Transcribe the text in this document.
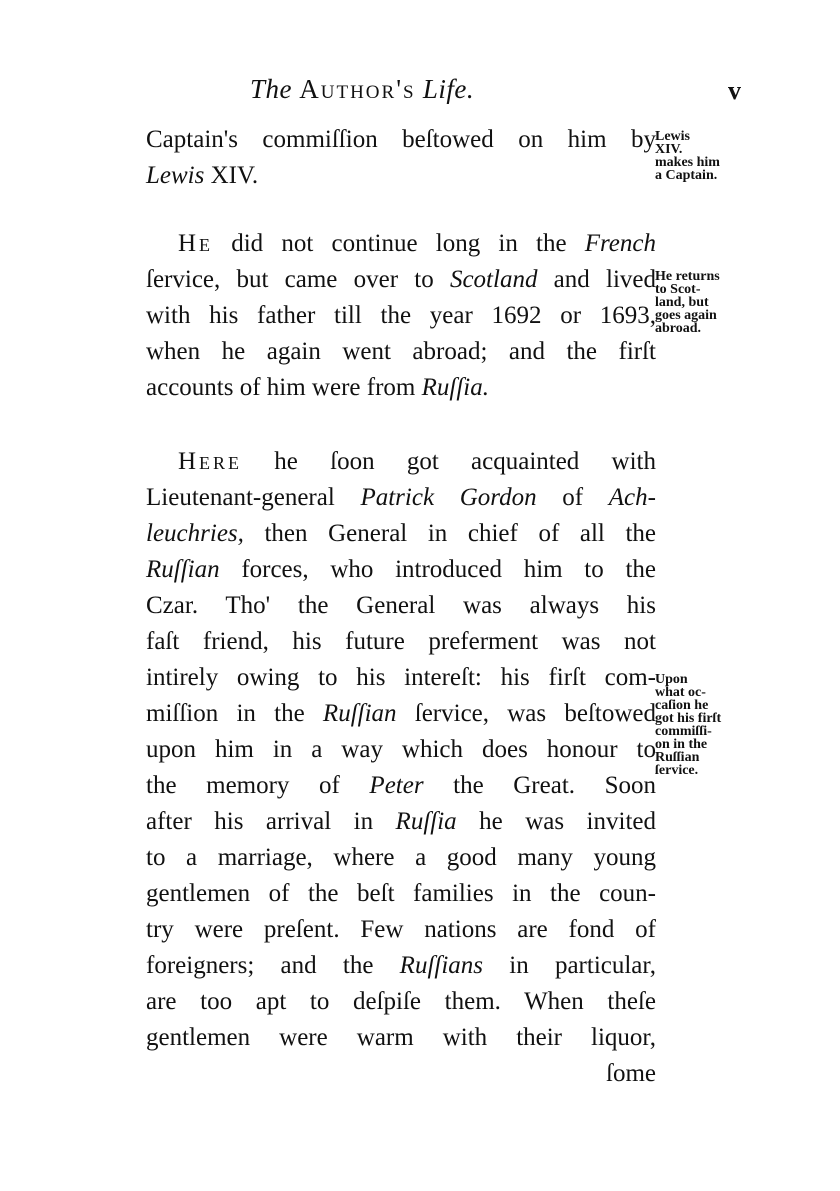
The Author's Life.	v
Captain's commiſſion beſtowed on him by
Lewis XIV.
He did not continue long in the French
ſervice, but came over to Scotland and lived
with his father till the year 1692 or 1693,
when he again went abroad; and the firſt
accounts of him were from Ruſſia.
Here he ſoon got acquainted with
Lieutenant-general Patrick Gordon of Ach-
leuchries, then General in chief of all the
Ruſſian forces, who introduced him to the
Czar. Tho' the General was always his
faſt friend, his future preferment was not
intirely owing to his intereſt: his firſt com-
miſſion in the Ruſſian ſervice, was beſtowed
upon him in a way which does honour to
the memory of Peter the Great. Soon
after his arrival in Ruſſia he was invited
to a marriage, where a good many young
gentlemen of the beſt families in the coun-
try were preſent. Few nations are fond of
foreigners; and the Ruſſians in particular,
are too apt to deſpiſe them. When theſe
gentlemen were warm with their liquor,
ſome
Lewis
XIV.
makes him
a Captain.
He returns
to Scot-
land, but
goes again
abroad.
Upon
what oc-
caſion he
got his firſt
commiſſi-
on in the
Ruſſian
ſervice.
